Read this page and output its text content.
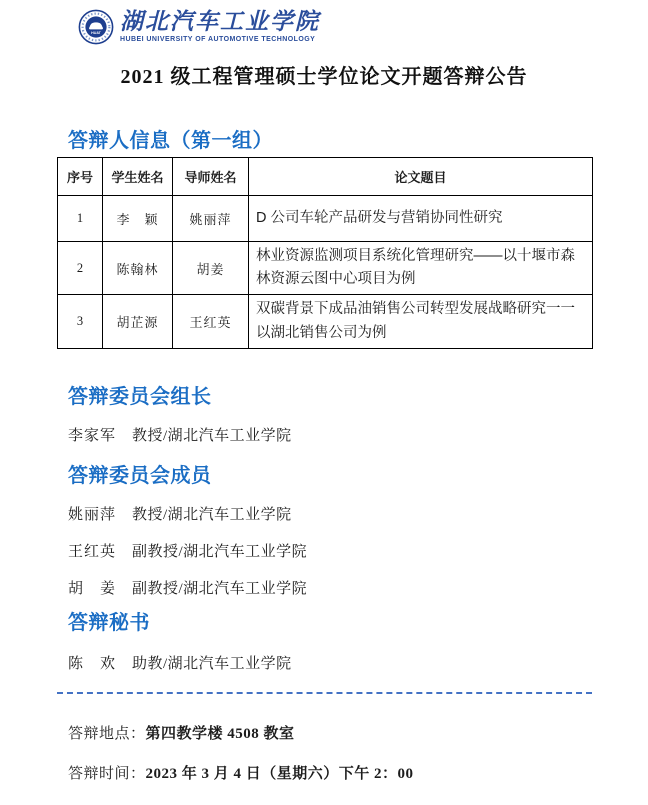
HUAT 湖北汽车工业学院
HUBEI UNIVERSITY OF AUTOMOTIVE TECHNOLOGY
2021 级工程管理硕士学位论文开题答辩公告
答辩人信息（第一组）
序号	学生姓名	导师姓名	论文题目
1	李　颖	姚丽萍	D 公司车轮产品研发与营销协同性研究
2	陈翰林	胡姜	林业资源监测项目系统化管理研究——以十堰市森林资源云图中心项目为例
3	胡芷源	王红英	双碳背景下成品油销售公司转型发展战略研究一一以湖北销售公司为例
答辩委员会组长
李家军	教授/湖北汽车工业学院
答辩委员会成员
姚丽萍	教授/湖北汽车工业学院
王红英	副教授/湖北汽车工业学院
胡　姜	副教授/湖北汽车工业学院
答辩秘书
陈　欢	助教/湖北汽车工业学院
答辩地点：第四教学楼 4508 教室
答辩时间：2023 年 3 月 4 日（星期六）下午 2：00
